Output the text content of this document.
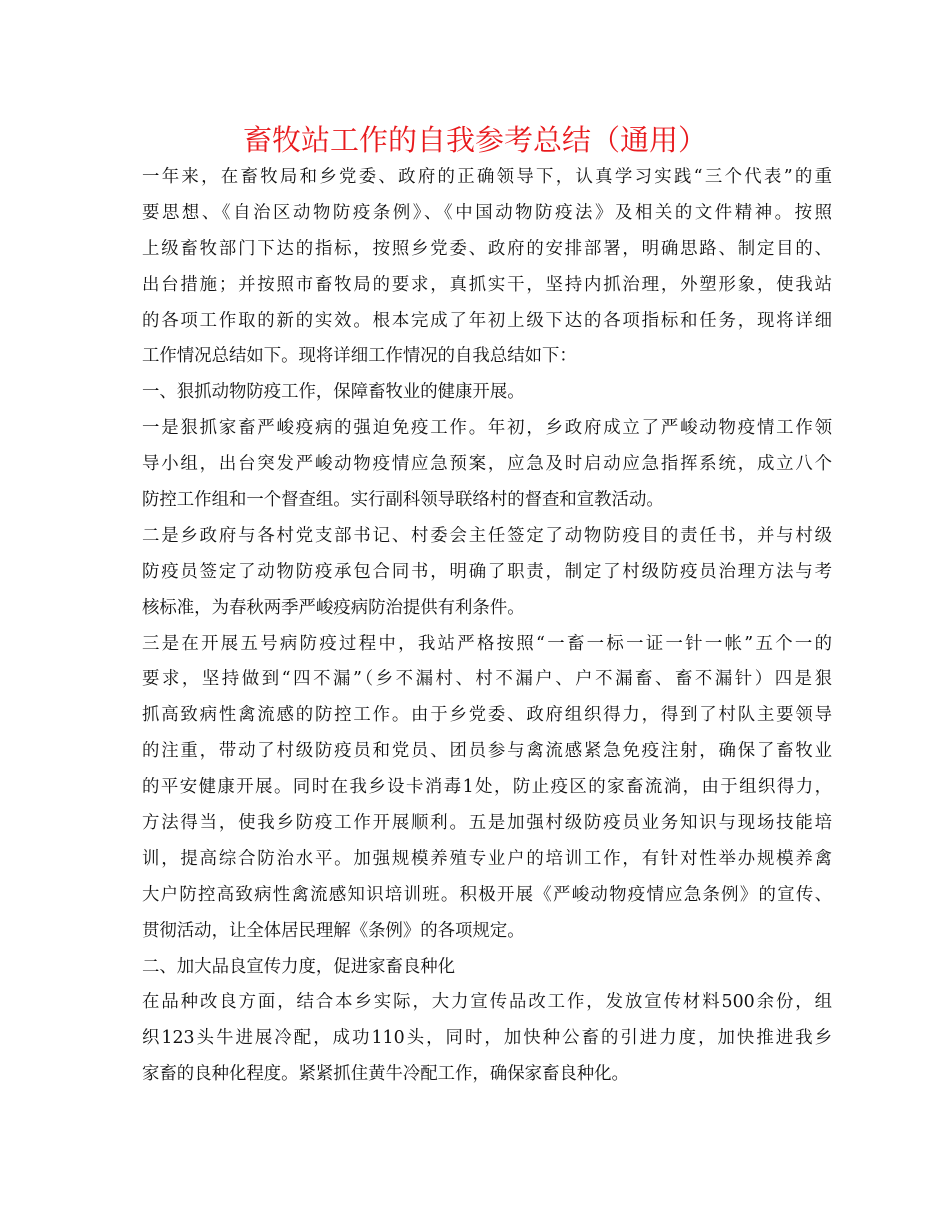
畜牧站工作的自我参考总结（通用）
一年来，在畜牧局和乡党委、政府的正确领导下，认真学习实践“三个代表”的重
要思想、《自治区动物防疫条例》、《中国动物防疫法》及相关的文件精神。按照
上级畜牧部门下达的指标，按照乡党委、政府的安排部署，明确思路、制定目的、
出台措施；并按照市畜牧局的要求，真抓实干，坚持内抓治理，外塑形象，使我站
的各项工作取的新的实效。根本完成了年初上级下达的各项指标和任务，现将详细
工作情况总结如下。现将详细工作情况的自我总结如下：
一、狠抓动物防疫工作，保障畜牧业的健康开展。
一是狠抓家畜严峻疫病的强迫免疫工作。年初，乡政府成立了严峻动物疫情工作领
导小组，出台突发严峻动物疫情应急预案，应急及时启动应急指挥系统，成立八个
防控工作组和一个督查组。实行副科领导联络村的督查和宣教活动。
二是乡政府与各村党支部书记、村委会主任签定了动物防疫目的责任书，并与村级
防疫员签定了动物防疫承包合同书，明确了职责，制定了村级防疫员治理方法与考
核标准，为春秋两季严峻疫病防治提供有利条件。
三是在开展五号病防疫过程中，我站严格按照“一畜一标一证一针一帐”五个一的
要求，坚持做到“四不漏”（乡不漏村、村不漏户、户不漏畜、畜不漏针）四是狠
抓高致病性禽流感的防控工作。由于乡党委、政府组织得力，得到了村队主要领导
的注重，带动了村级防疫员和党员、团员参与禽流感紧急免疫注射，确保了畜牧业
的平安健康开展。同时在我乡设卡消毒1处，防止疫区的家畜流淌，由于组织得力，
方法得当，使我乡防疫工作开展顺利。五是加强村级防疫员业务知识与现场技能培
训，提高综合防治水平。加强规模养殖专业户的培训工作，有针对性举办规模养禽
大户防控高致病性禽流感知识培训班。积极开展《严峻动物疫情应急条例》的宣传、
贯彻活动，让全体居民理解《条例》的各项规定。
二、加大品良宣传力度，促进家畜良种化
在品种改良方面，结合本乡实际，大力宣传品改工作，发放宣传材料500余份，组
织123头牛进展冷配，成功110头，同时，加快种公畜的引进力度，加快推进我乡
家畜的良种化程度。紧紧抓住黄牛冷配工作，确保家畜良种化。
